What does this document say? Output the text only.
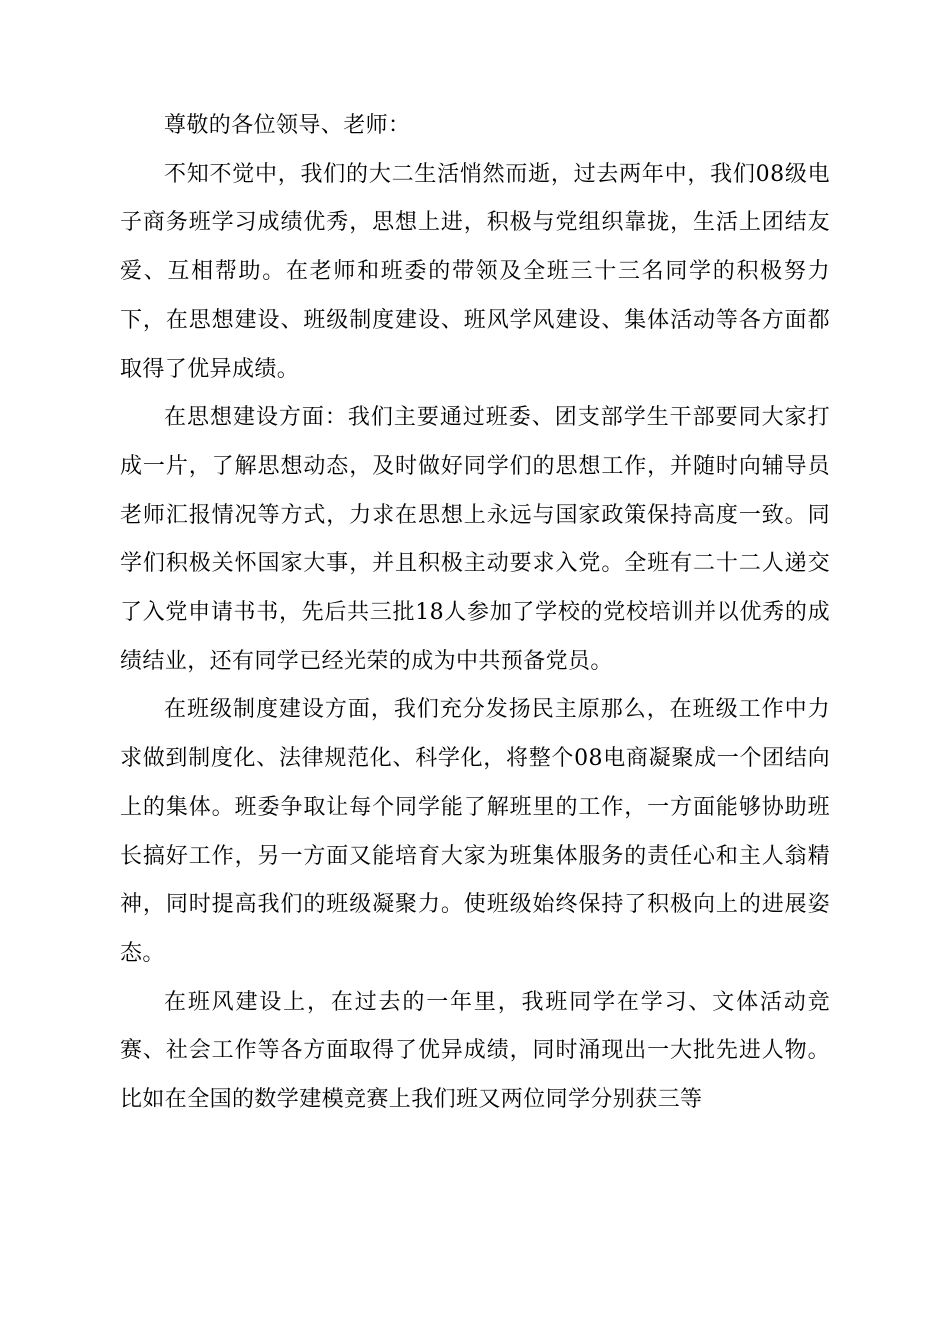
尊敬的各位领导、老师：

不知不觉中，我们的大二生活悄然而逝，过去两年中，我们08级电子商务班学习成绩优秀，思想上进，积极与党组织靠拢，生活上团结友爱、互相帮助。在老师和班委的带领及全班三十三名同学的积极努力下，在思想建设、班级制度建设、班风学风建设、集体活动等各方面都取得了优异成绩。

在思想建设方面：我们主要通过班委、团支部学生干部要同大家打成一片，了解思想动态，及时做好同学们的思想工作，并随时向辅导员老师汇报情况等方式，力求在思想上永远与国家政策保持高度一致。同学们积极关怀国家大事，并且积极主动要求入党。全班有二十二人递交了入党申请书书，先后共三批18人参加了学校的党校培训并以优秀的成绩结业，还有同学已经光荣的成为中共预备党员。

在班级制度建设方面，我们充分发扬民主原那么，在班级工作中力求做到制度化、法律规范化、科学化，将整个08电商凝聚成一个团结向上的集体。班委争取让每个同学能了解班里的工作，一方面能够协助班长搞好工作，另一方面又能培育大家为班集体服务的责任心和主人翁精神，同时提高我们的班级凝聚力。使班级始终保持了积极向上的进展姿态。

在班风建设上，在过去的一年里，我班同学在学习、文体活动竞赛、社会工作等各方面取得了优异成绩，同时涌现出一大批先进人物。比如在全国的数学建模竞赛上我们班又两位同学分别获三等
